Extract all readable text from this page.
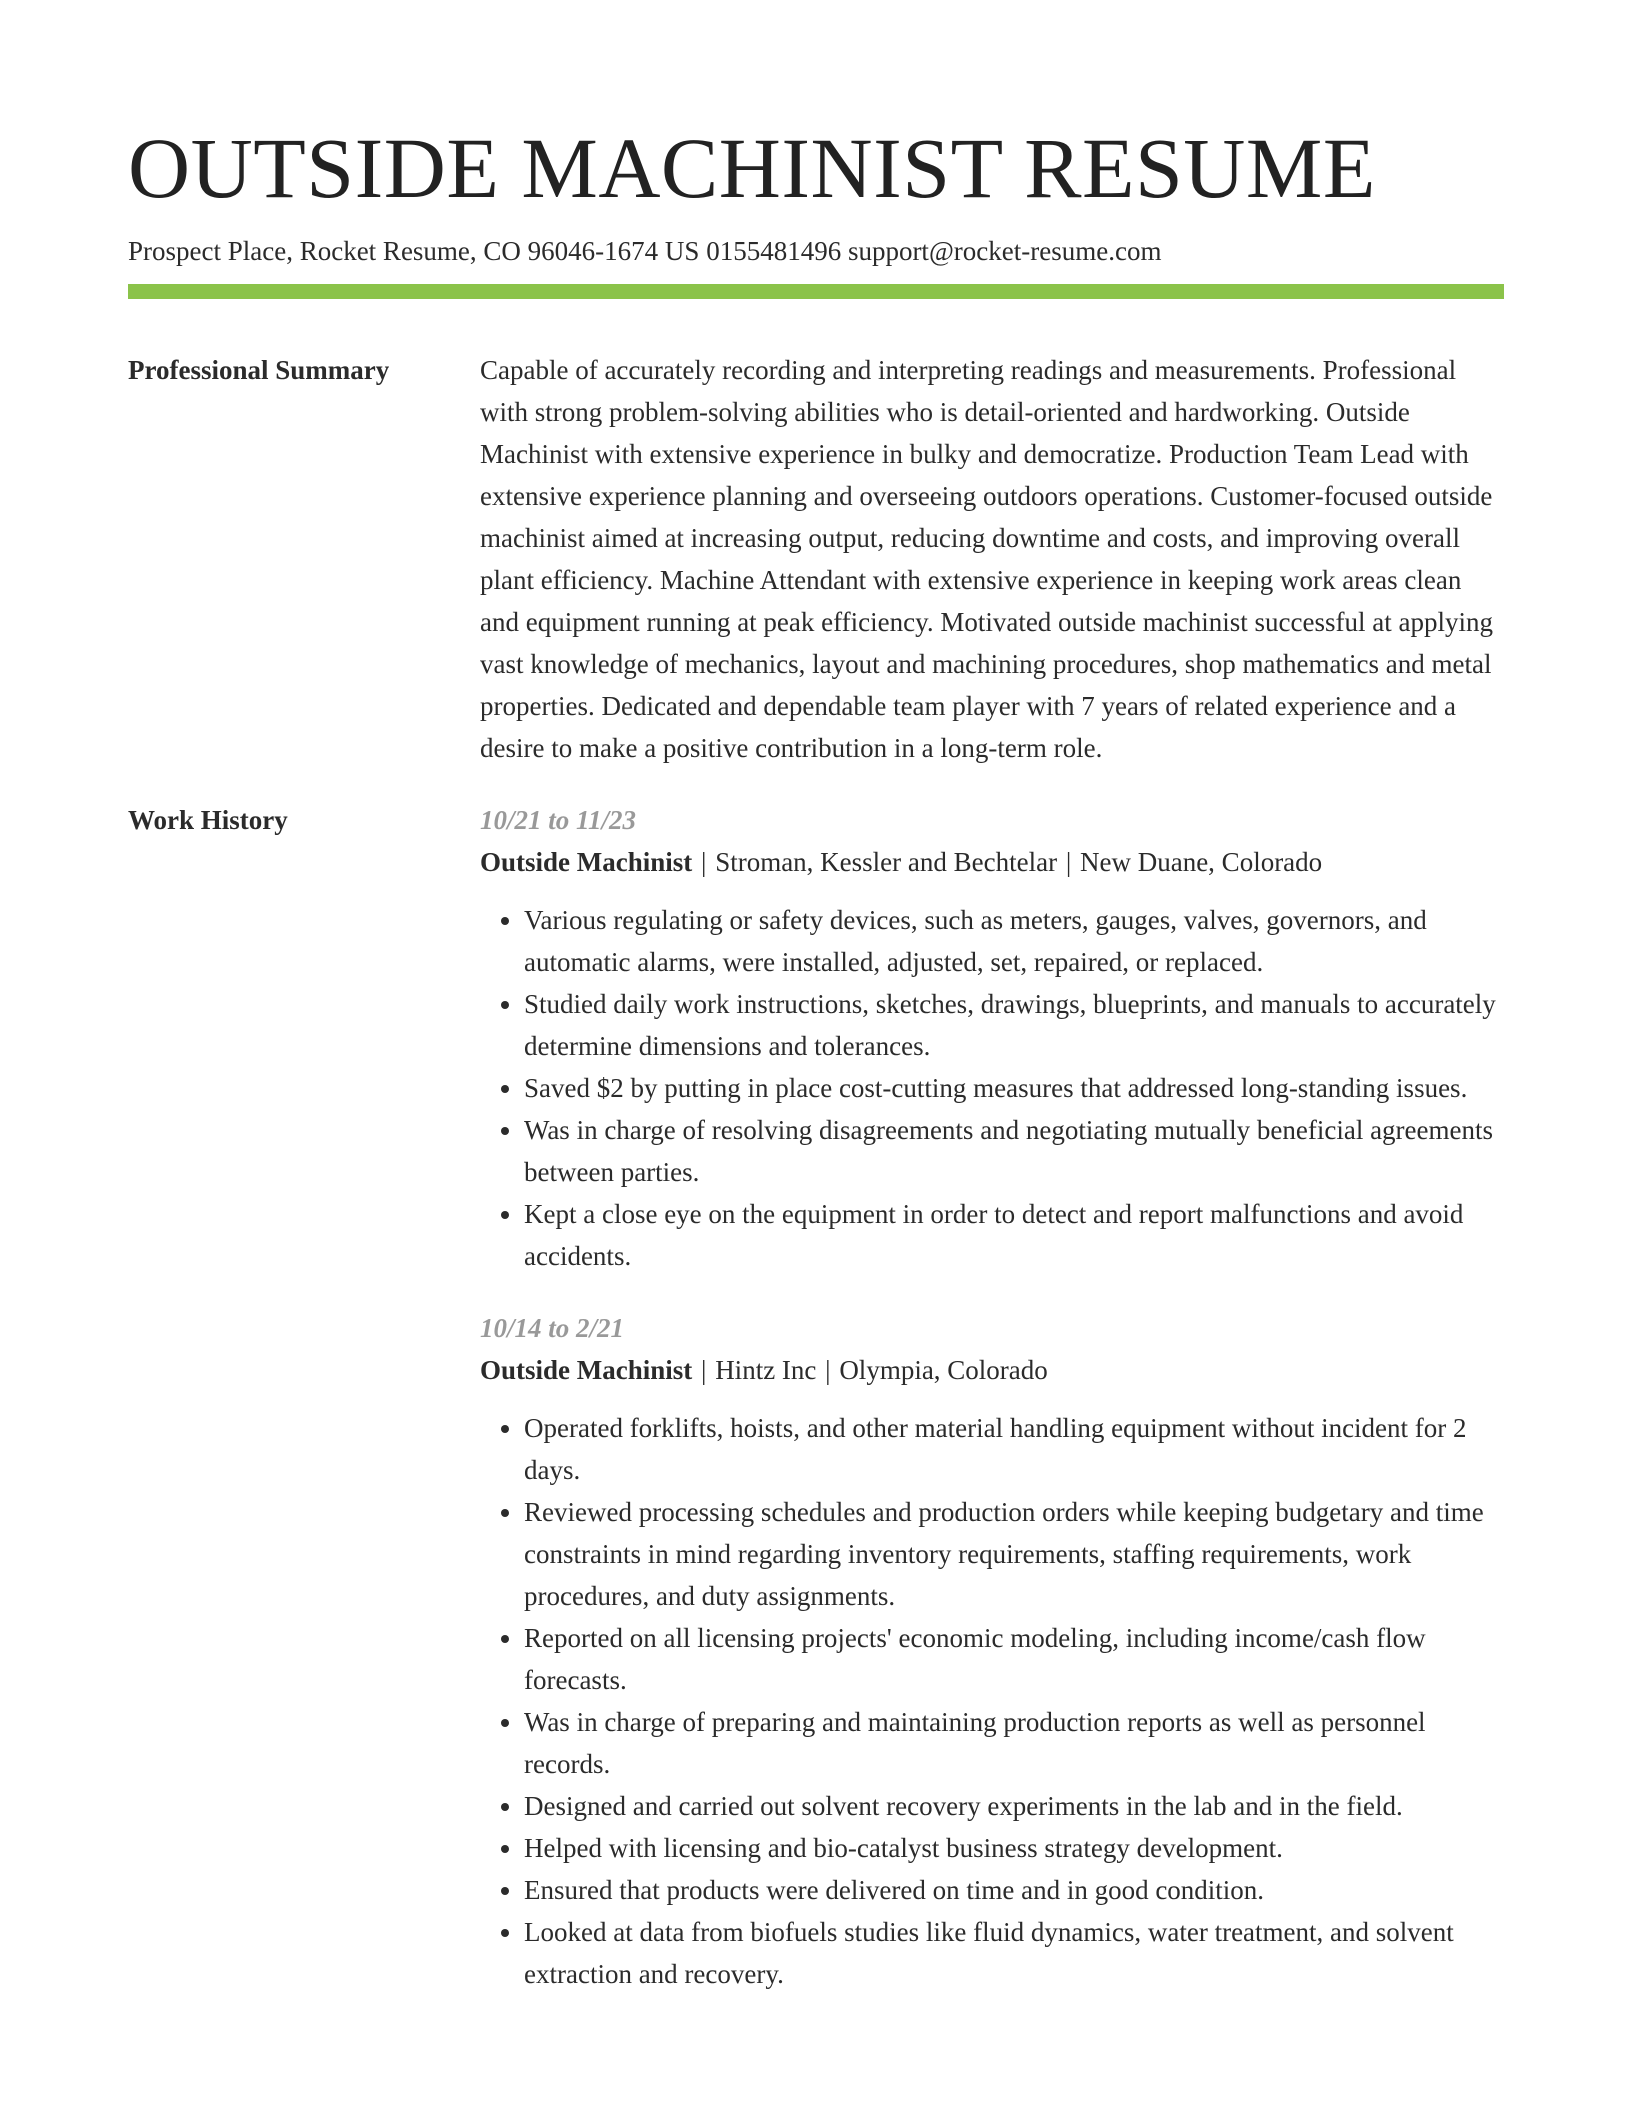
OUTSIDE MACHINIST RESUME
Prospect Place, Rocket Resume, CO 96046-1674 US 0155481496 support@rocket-resume.com
Professional Summary	Capable of accurately recording and interpreting readings and measurements. Professional with strong problem-solving abilities who is detail-oriented and hardworking. Outside Machinist with extensive experience in bulky and democratize. Production Team Lead with extensive experience planning and overseeing outdoors operations. Customer-focused outside machinist aimed at increasing output, reducing downtime and costs, and improving overall plant efficiency. Machine Attendant with extensive experience in keeping work areas clean and equipment running at peak efficiency. Motivated outside machinist successful at applying vast knowledge of mechanics, layout and machining procedures, shop mathematics and metal properties. Dedicated and dependable team player with 7 years of related experience and a desire to make a positive contribution in a long-term role.

Work History	10/21 to 11/23
Outside Machinist | Stroman, Kessler and Bechtelar | New Duane, Colorado
• Various regulating or safety devices, such as meters, gauges, valves, governors, and automatic alarms, were installed, adjusted, set, repaired, or replaced.
• Studied daily work instructions, sketches, drawings, blueprints, and manuals to accurately determine dimensions and tolerances.
• Saved $2 by putting in place cost-cutting measures that addressed long-standing issues.
• Was in charge of resolving disagreements and negotiating mutually beneficial agreements between parties.
• Kept a close eye on the equipment in order to detect and report malfunctions and avoid accidents.
10/14 to 2/21
Outside Machinist | Hintz Inc | Olympia, Colorado
• Operated forklifts, hoists, and other material handling equipment without incident for 2 days.
• Reviewed processing schedules and production orders while keeping budgetary and time constraints in mind regarding inventory requirements, staffing requirements, work procedures, and duty assignments.
• Reported on all licensing projects' economic modeling, including income/cash flow forecasts.
• Was in charge of preparing and maintaining production reports as well as personnel records.
• Designed and carried out solvent recovery experiments in the lab and in the field.
• Helped with licensing and bio-catalyst business strategy development.
• Ensured that products were delivered on time and in good condition.
• Looked at data from biofuels studies like fluid dynamics, water treatment, and solvent extraction and recovery.
